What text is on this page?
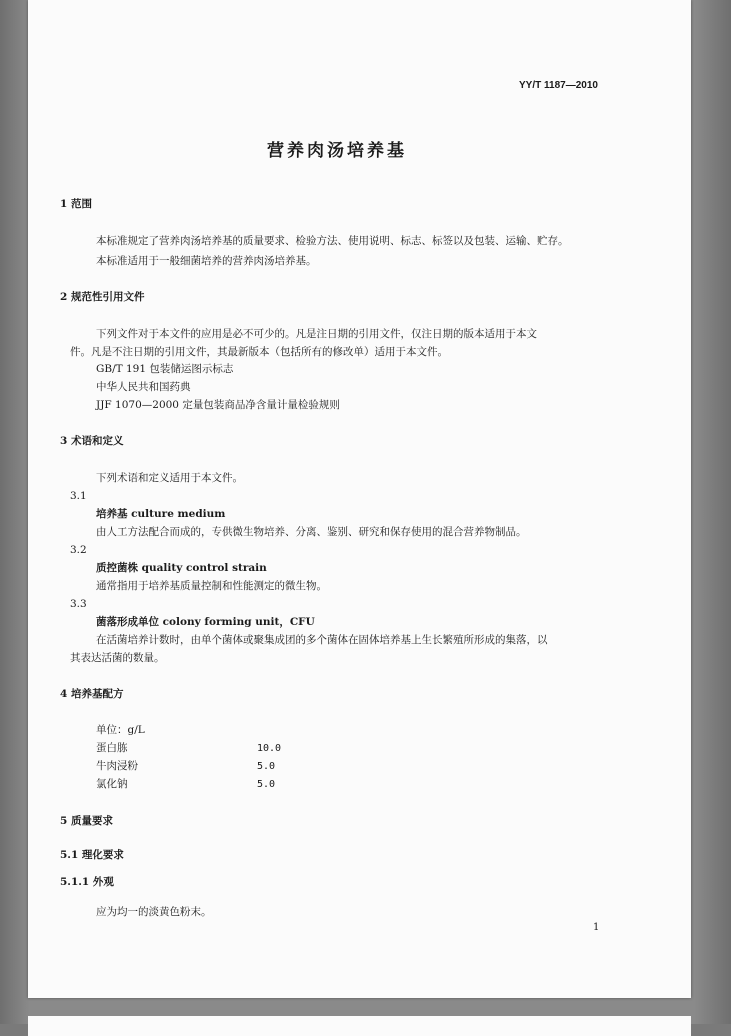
YY/T 1187—2010
营养肉汤培养基
1 范围
本标准规定了营养肉汤培养基的质量要求、检验方法、使用说明、标志、标签以及包装、运输、贮存。
本标准适用于一般细菌培养的营养肉汤培养基。
2 规范性引用文件
下列文件对于本文件的应用是必不可少的。凡是注日期的引用文件，仅注日期的版本适用于本文
件。凡是不注日期的引用文件，其最新版本（包括所有的修改单）适用于本文件。
GB/T 191 包装储运图示标志
中华人民共和国药典
JJF 1070—2000 定量包装商品净含量计量检验规则
3 术语和定义
下列术语和定义适用于本文件。
3.1
培养基 culture medium
由人工方法配合而成的，专供微生物培养、分离、鉴别、研究和保存使用的混合营养物制品。
3.2
质控菌株 quality control strain
通常指用于培养基质量控制和性能测定的微生物。
3.3
菌落形成单位 colony forming unit，CFU
在活菌培养计数时，由单个菌体或聚集成团的多个菌体在固体培养基上生长繁殖所形成的集落，以
其表达活菌的数量。
4 培养基配方
单位：g/L
蛋白胨	10.0
牛肉浸粉	5.0
氯化钠	5.0
5 质量要求
5.1 理化要求
5.1.1 外观
应为均一的淡黄色粉末。
1
